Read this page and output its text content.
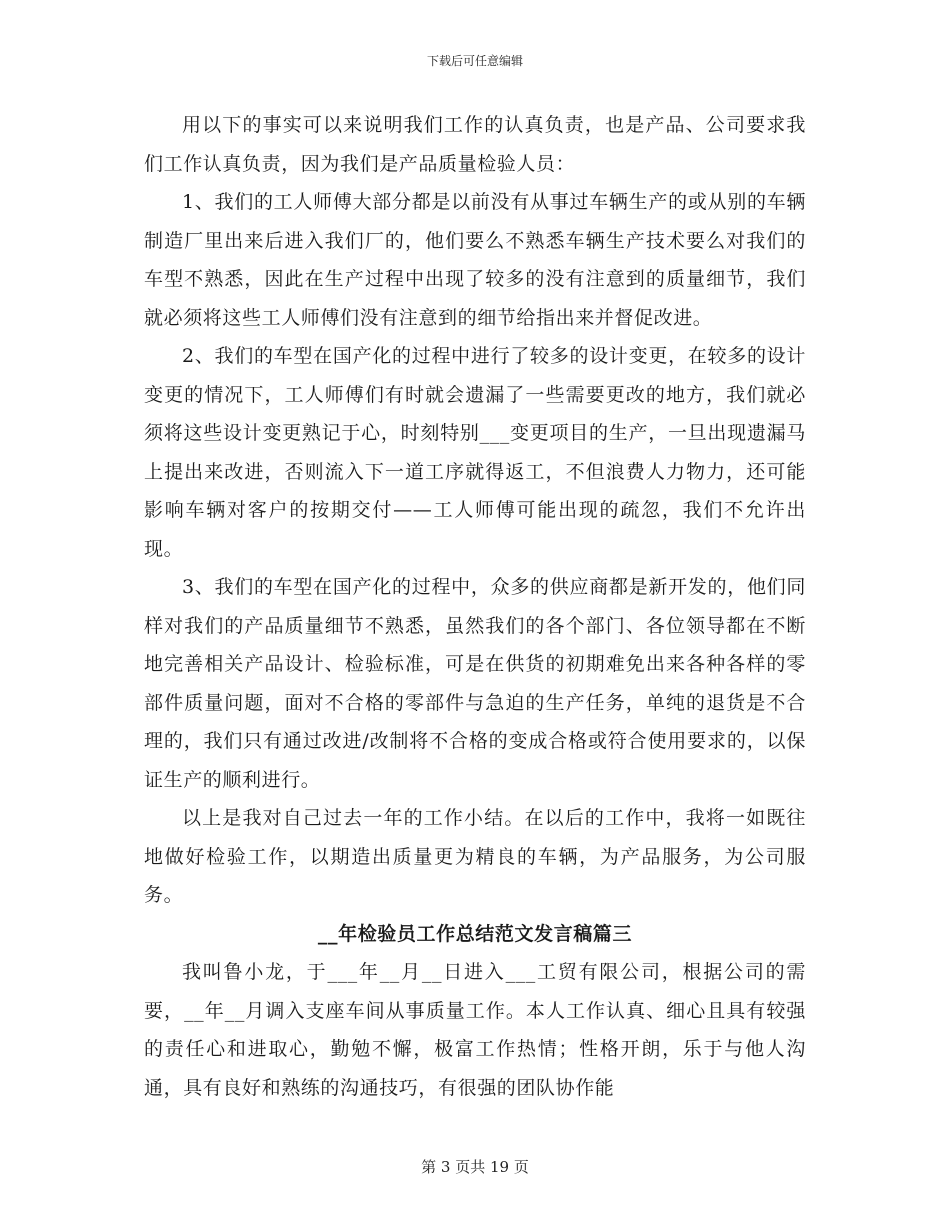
下载后可任意编辑

用以下的事实可以来说明我们工作的认真负责，也是产品、公司要求我们工作认真负责，因为我们是产品质量检验人员：

1、我们的工人师傅大部分都是以前没有从事过车辆生产的或从别的车辆制造厂里出来后进入我们厂的，他们要么不熟悉车辆生产技术要么对我们的车型不熟悉，因此在生产过程中出现了较多的没有注意到的质量细节，我们就必须将这些工人师傅们没有注意到的细节给指出来并督促改进。

2、我们的车型在国产化的过程中进行了较多的设计变更，在较多的设计变更的情况下，工人师傅们有时就会遗漏了一些需要更改的地方，我们就必须将这些设计变更熟记于心，时刻特别___变更项目的生产，一旦出现遗漏马上提出来改进，否则流入下一道工序就得返工，不但浪费人力物力，还可能影响车辆对客户的按期交付——工人师傅可能出现的疏忽，我们不允许出现。

3、我们的车型在国产化的过程中，众多的供应商都是新开发的，他们同样对我们的产品质量细节不熟悉，虽然我们的各个部门、各位领导都在不断地完善相关产品设计、检验标准，可是在供货的初期难免出来各种各样的零部件质量问题，面对不合格的零部件与急迫的生产任务，单纯的退货是不合理的，我们只有通过改进/改制将不合格的变成合格或符合使用要求的，以保证生产的顺利进行。

以上是我对自己过去一年的工作小结。在以后的工作中，我将一如既往地做好检验工作，以期造出质量更为精良的车辆，为产品服务，为公司服务。

__年检验员工作总结范文发言稿篇三

我叫鲁小龙，于___年__月__日进入___工贸有限公司，根据公司的需要，__年__月调入支座车间从事质量工作。本人工作认真、细心且具有较强的责任心和进取心，勤勉不懈，极富工作热情；性格开朗，乐于与他人沟通，具有良好和熟练的沟通技巧，有很强的团队协作能

第 3 页共 19 页
